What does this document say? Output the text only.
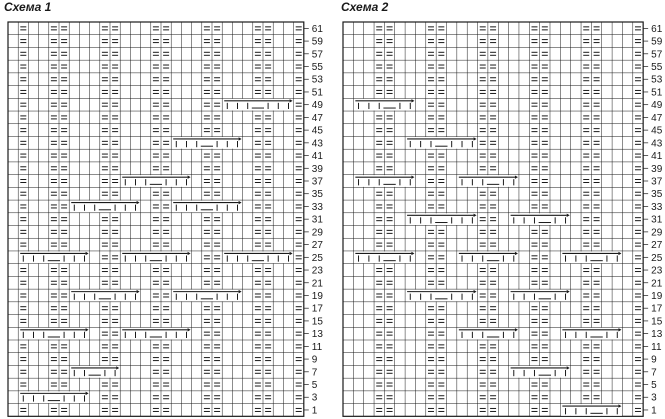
Схема 1	Схема 2
61
59
57
55
53
51
49
47
45
43
41
39
37
35
33
31
29
27
25
23
21
19
17
15
13
11
9
7
5
3
1
61
59
57
55
53
51
49
47
45
43
41
39
37
35
33
31
29
27
25
23
21
19
17
15
13
11
9
7
5
3
1
